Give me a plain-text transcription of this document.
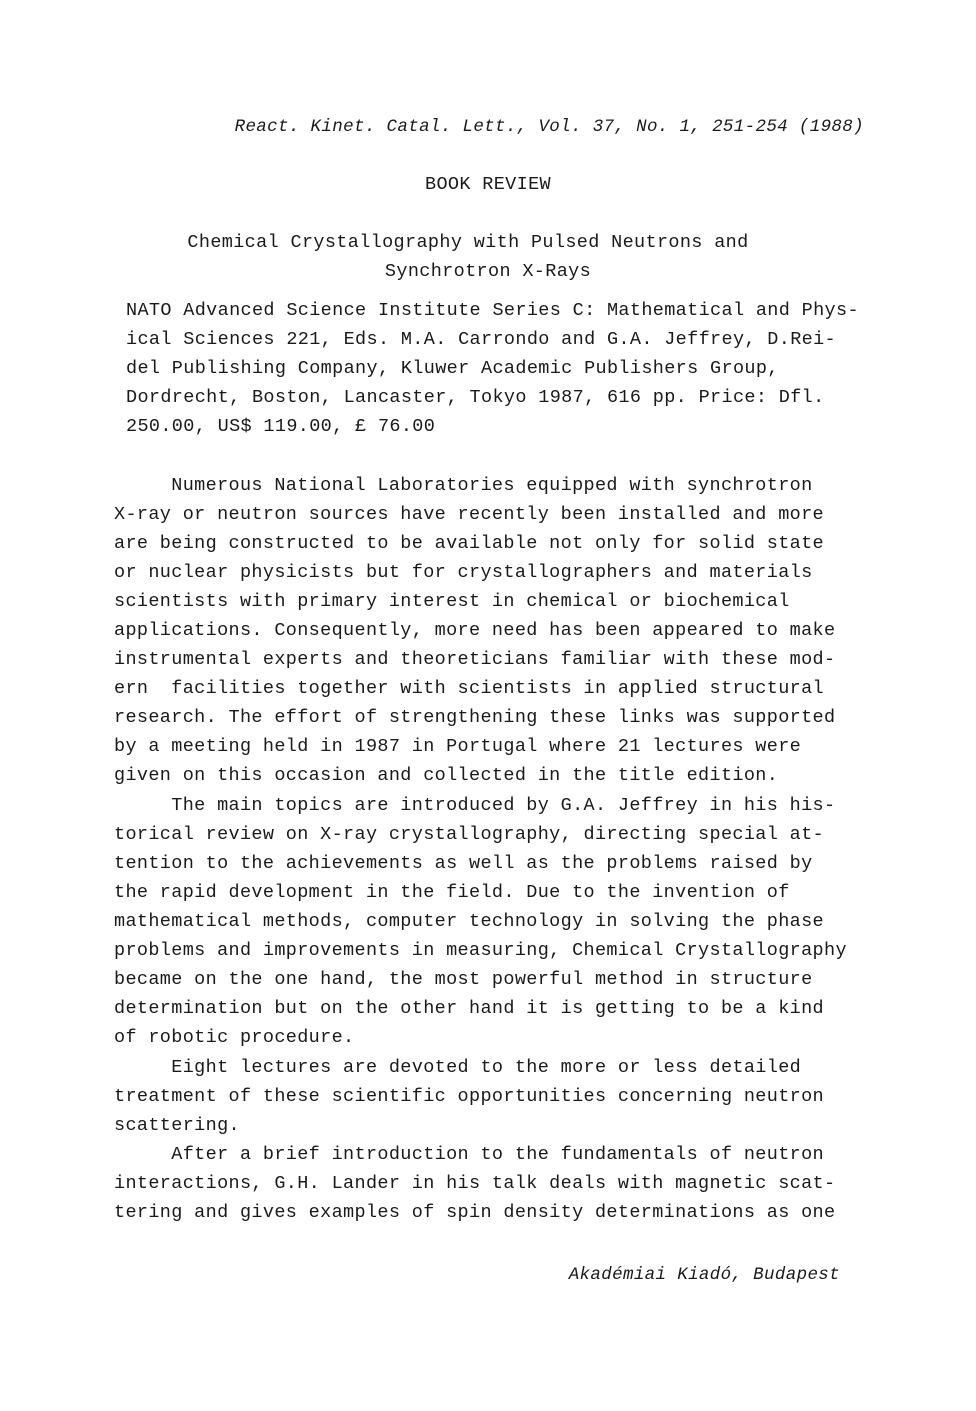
React. Kinet. Catal. Lett., Vol. 37, No. 1, 251-254 (1988)
BOOK REVIEW
Chemical Crystallography with Pulsed Neutrons and
Synchrotron X-Rays
NATO Advanced Science Institute Series C: Mathematical and Phys-
ical Sciences 221, Eds. M.A. Carrondo and G.A. Jeffrey, D.Rei-
del Publishing Company, Kluwer Academic Publishers Group,
Dordrecht, Boston, Lancaster, Tokyo 1987, 616 pp. Price: Dfl.
250.00, US$ 119.00, £ 76.00
Numerous National Laboratories equipped with synchrotron
X-ray or neutron sources have recently been installed and more
are being constructed to be available not only for solid state
or nuclear physicists but for crystallographers and materials
scientists with primary interest in chemical or biochemical
applications. Consequently, more need has been appeared to make
instrumental experts and theoreticians familiar with these mod-
ern  facilities together with scientists in applied structural
research. The effort of strengthening these links was supported
by a meeting held in 1987 in Portugal where 21 lectures were
given on this occasion and collected in the title edition.
The main topics are introduced by G.A. Jeffrey in his his-
torical review on X-ray crystallography, directing special at-
tention to the achievements as well as the problems raised by
the rapid development in the field. Due to the invention of
mathematical methods, computer technology in solving the phase
problems and improvements in measuring, Chemical Crystallography
became on the one hand, the most powerful method in structure
determination but on the other hand it is getting to be a kind
of robotic procedure.
Eight lectures are devoted to the more or less detailed
treatment of these scientific opportunities concerning neutron
scattering.
After a brief introduction to the fundamentals of neutron
interactions, G.H. Lander in his talk deals with magnetic scat-
tering and gives examples of spin density determinations as one
Akadémiai Kiadó, Budapest
